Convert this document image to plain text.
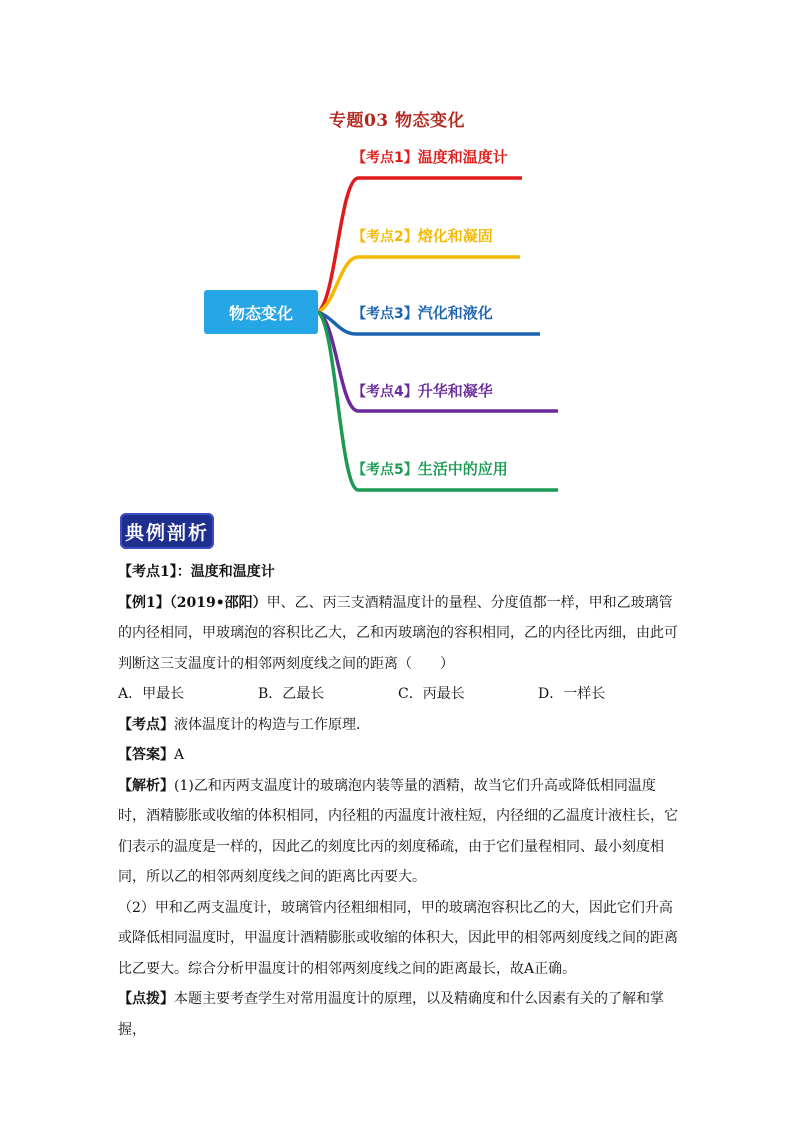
专题03 物态变化
物态变化
【考点1】温度和温度计
【考点2】熔化和凝固
【考点3】汽化和液化
【考点4】升华和凝华
【考点5】生活中的应用
典例剖析

【考点1】：温度和温度计

【例1】（2019•邵阳）甲、乙、丙三支酒精温度计的量程、分度值都一样，甲和乙玻璃管的内径相同，甲玻璃泡的容积比乙大，乙和丙玻璃泡的容积相同，乙的内径比丙细，由此可判断这三支温度计的相邻两刻度线之间的距离（　　）

A．甲最长	B．乙最长	C．丙最长	D．一样长

【考点】液体温度计的构造与工作原理．

【答案】A

【解析】(1)乙和丙两支温度计的玻璃泡内装等量的酒精，故当它们升高或降低相同温度时，酒精膨胀或收缩的体积相同，内径粗的丙温度计液柱短，内径细的乙温度计液柱长，它们表示的温度是一样的，因此乙的刻度比丙的刻度稀疏，由于它们量程相同、最小刻度相同，所以乙的相邻两刻度线之间的距离比丙要大。

（2）甲和乙两支温度计，玻璃管内径粗细相同，甲的玻璃泡容积比乙的大，因此它们升高或降低相同温度时，甲温度计酒精膨胀或收缩的体积大，因此甲的相邻两刻度线之间的距离比乙要大。综合分析甲温度计的相邻两刻度线之间的距离最长，故A正确。

【点拨】本题主要考查学生对常用温度计的原理，以及精确度和什么因素有关的了解和掌握，
